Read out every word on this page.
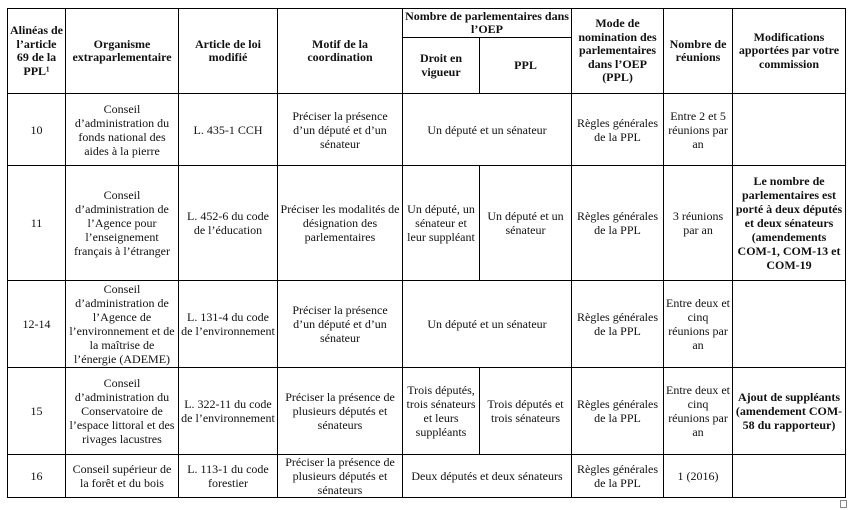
Alinéas de l’article 69 de la PPL¹	Organisme extraparlementaire	Article de loi modifié	Motif de la coordination	Nombre de parlementaires dans l’OEP		Mode de nomination des parlementaires dans l’OEP (PPL)	Nombre de réunions	Modifications apportées par votre commission
				Droit en vigueur	PPL			
10	Conseil d’administration du fonds national des aides à la pierre	L. 435-1 CCH	Préciser la présence d’un député et d’un sénateur	Un député et un sénateur		Règles générales de la PPL	Entre 2 et 5 réunions par an	
11	Conseil d’administration de l’Agence pour l’enseignement français à l’étranger	L. 452-6 du code de l’éducation	Préciser les modalités de désignation des parlementaires	Un député, un sénateur et leur suppléant	Un député et un sénateur	Règles générales de la PPL	3 réunions par an	Le nombre de parlementaires est porté à deux députés et deux sénateurs (amendements COM-1, COM-13 et COM-19
12-14	Conseil d’administration de l’Agence de l’environnement et de la maîtrise de l’énergie (ADEME)	L. 131-4 du code de l’environnement	Préciser la présence d’un député et d’un sénateur	Un député et un sénateur		Règles générales de la PPL	Entre deux et cinq réunions par an	
15	Conseil d’administration du Conservatoire de l’espace littoral et des rivages lacustres	L. 322-11 du code de l’environnement	Préciser la présence de plusieurs députés et sénateurs	Trois députés, trois sénateurs et leurs suppléants	Trois députés et trois sénateurs	Règles générales de la PPL	Entre deux et cinq réunions par an	Ajout de suppléants (amendement COM-58 du rapporteur)
16	Conseil supérieur de la forêt et du bois	L. 113-1 du code forestier	Préciser la présence de plusieurs députés et sénateurs	Deux députés et deux sénateurs		Règles générales de la PPL	1 (2016)	
